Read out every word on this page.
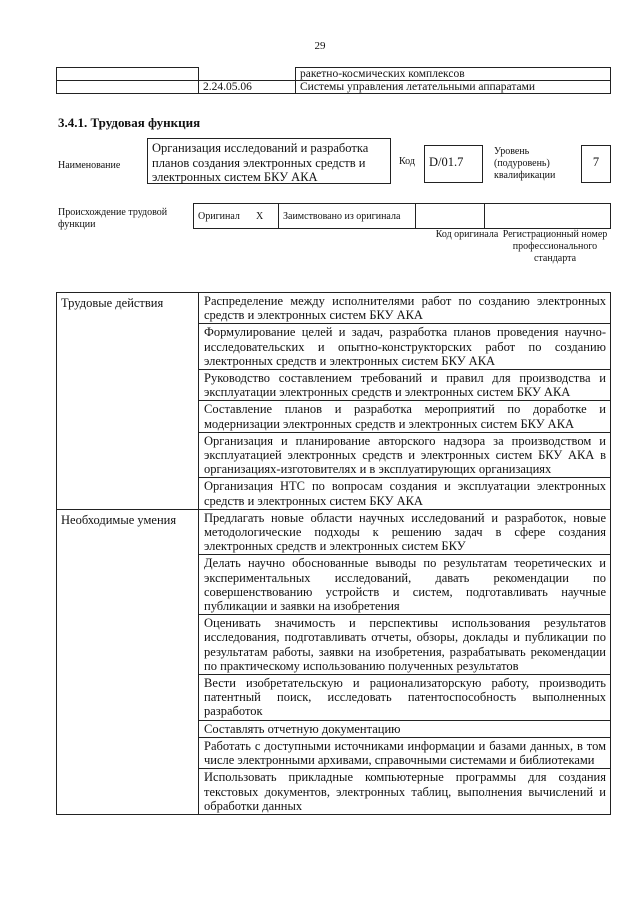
29
		ракетно-космических комплексов
	2.24.05.06	Системы управления летательными аппаратами
3.4.1. Трудовая функция
Наименование
Организация исследований и разработка планов создания электронных средств и электронных систем БКУ АКА
Код	D/01.7
Уровень (подуровень) квалификации
7
Происхождение трудовой функции
Оригинал	X	Заимствовано из оригинала		
Код оригинала Регистрационный номер профессионального стандарта
Трудовые действия	Распределение между исполнителями работ по созданию электронных средств и электронных систем БКУ АКА
	Формулирование целей и задач, разработка планов проведения научно-исследовательских и опытно-конструкторских работ по созданию электронных средств и электронных систем БКУ АКА
	Руководство составлением требований и правил для производства и эксплуатации электронных средств и электронных систем БКУ АКА
	Составление планов и разработка мероприятий по доработке и модернизации электронных средств и электронных систем БКУ АКА
	Организация и планирование авторского надзора за производством и эксплуатацией электронных средств и электронных систем БКУ АКА в организациях-изготовителях и в эксплуатирующих организациях
	Организация НТС по вопросам создания и эксплуатации электронных средств и электронных систем БКУ АКА
Необходимые умения	Предлагать новые области научных исследований и разработок, новые методологические подходы к решению задач в сфере создания электронных средств и электронных систем БКУ
	Делать научно обоснованные выводы по результатам теоретических и экспериментальных исследований, давать рекомендации по совершенствованию устройств и систем, подготавливать научные публикации и заявки на изобретения
	Оценивать значимость и перспективы использования результатов исследования, подготавливать отчеты, обзоры, доклады и публикации по результатам работы, заявки на изобретения, разрабатывать рекомендации по практическому использованию полученных результатов
	Вести изобретательскую и рационализаторскую работу, производить патентный поиск, исследовать патентоспособность выполненных разработок
	Составлять отчетную документацию
	Работать с доступными источниками информации и базами данных, в том числе электронными архивами, справочными системами и библиотеками
	Использовать прикладные компьютерные программы для создания текстовых документов, электронных таблиц, выполнения вычислений и обработки данных
